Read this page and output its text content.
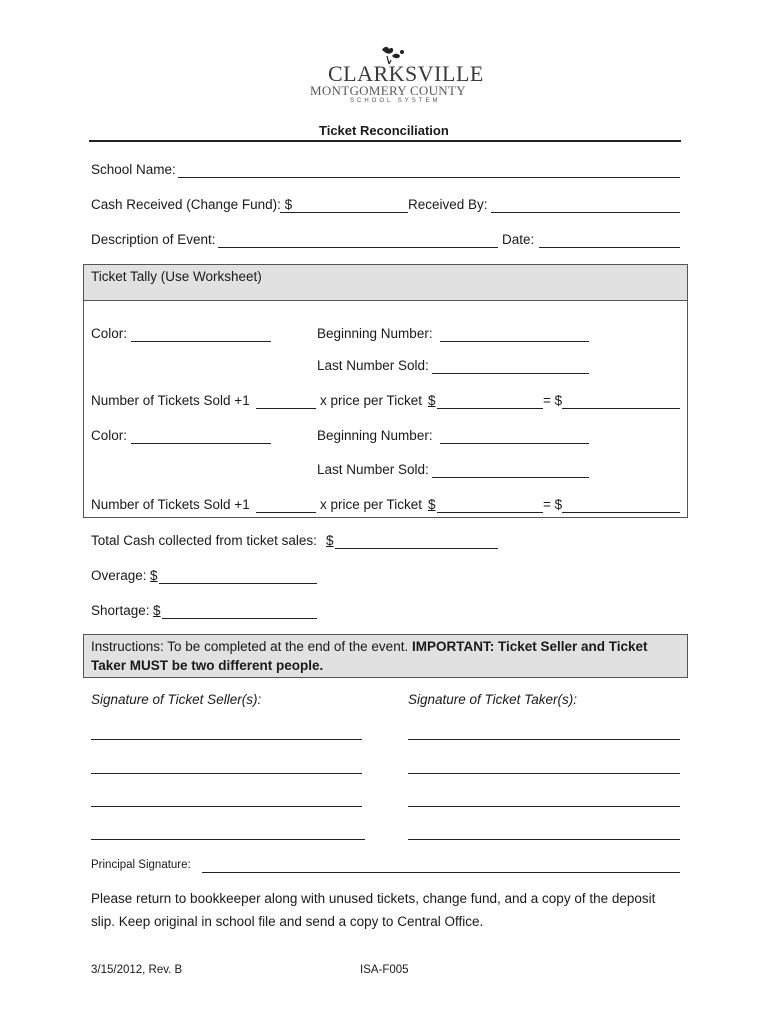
CLARKSVILLE
MONTGOMERY COUNTY
SCHOOL SYSTEM
Ticket Reconciliation
School Name:
Cash Received (Change Fund): $	Received By:
Description of Event:	Date:
Ticket Tally (Use Worksheet)
Color:	Beginning Number:
Last Number Sold:
Number of Tickets Sold +1	x price per Ticket $	= $
Color:	Beginning Number:
Last Number Sold:
Number of Tickets Sold +1	x price per Ticket $	= $
Total Cash collected from ticket sales: $
Overage: $
Shortage: $
Instructions: To be completed at the end of the event. IMPORTANT: Ticket Seller and Ticket
Taker MUST be two different people.
Signature of Ticket Seller(s):	Signature of Ticket Taker(s):
Principal Signature:
Please return to bookkeeper along with unused tickets, change fund, and a copy of the deposit
slip. Keep original in school file and send a copy to Central Office.
3/15/2012, Rev. B	ISA-F005
